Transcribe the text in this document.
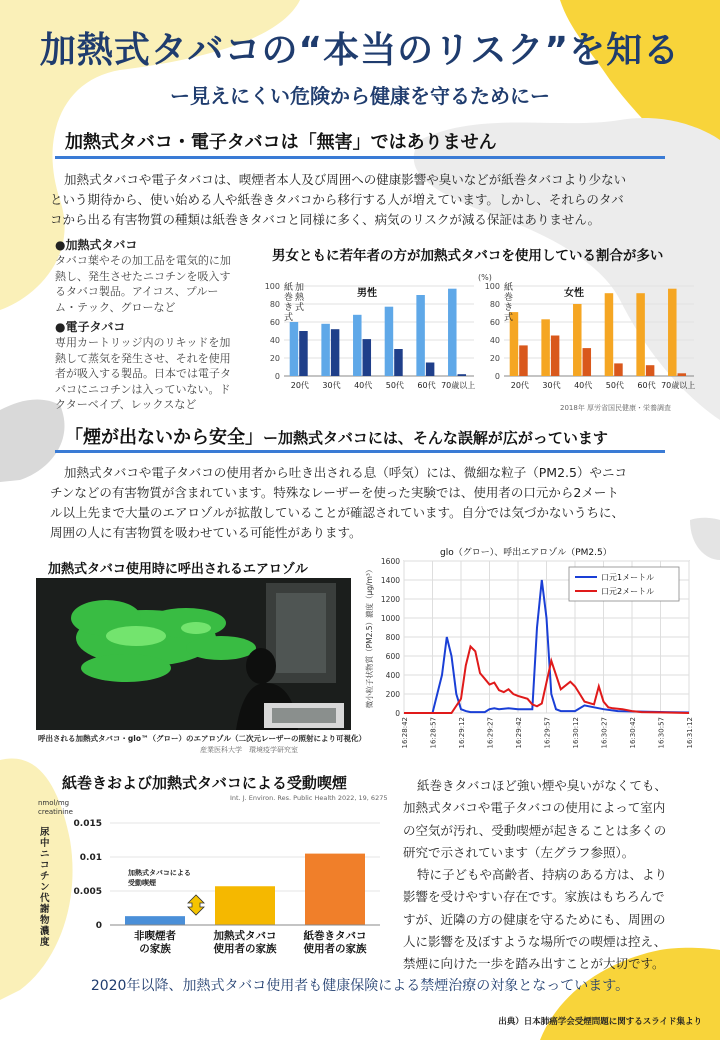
加熱式タバコの“本当のリスク”を知る
ー見えにくい危険から健康を守るためにー
加熱式タバコ・電子タバコは「無害」ではありません
加熱式タバコや電子タバコは、喫煙者本人及び周囲への健康影響や臭いなどが紙巻タバコより少ない
という期待から、使い始める人や紙巻きタバコから移行する人が増えています。しかし、それらのタバ
コから出る有害物質の種類は紙巻きタバコと同様に多く、病気のリスクが減る保証はありません。
●加熱式タバコ
タバコ葉やその加工品を電気的に加
熱し、発生させたニコチンを吸入す
るタバコ製品。アイコス、プルー
ム・テック、グローなど
●電子タバコ
専用カートリッジ内のリキッドを加
熱して蒸気を発生させ、それを使用
者が吸入する製品。日本では電子タ
バコにニコチンは入っていない。ド
クターベイプ、レックスなど
男女ともに若年者の方が加熱式タバコを使用している割合が多い
0
20
40
60
80
100
20代 30代 40代 50代 60代 70歳以上
男性
紙
巻
き
式
加
熱
式
0
20
40
60
80
100
20代 30代 40代 50代 60代 70歳以上
女性
(%)
紙
巻
き
式
2018年 厚労省国民健康・栄養調査
「煙が出ないから安全」ー加熱式タバコには、そんな誤解が広がっています
加熱式タバコや電子タバコの使用者から吐き出される息（呼気）には、微細な粒子（PM2.5）やニコ
チンなどの有害物質が含まれています。特殊なレーザーを使った実験では、使用者の口元から2メート
ル以上先まで大量のエアロゾルが拡散していることが確認されています。自分では気づかないうちに、
周囲の人に有害物質を吸わせている可能性があります。
加熱式タバコ使用時に呼出されるエアロゾル
呼出される加熱式タバコ・glo™（グロー）のエアロゾル（二次元レーザーの照射により可視化）
産業医科大学　環境疫学研究室
glo（グロー）、呼出エアロゾル（PM2.5）
0
200
400
600
800
1000
1200
1400
1600
16:28:42	16:28:57	16:29:12	16:29:27	16:29:42	16:29:57	16:30:12	16:30:27	16:30:42	16:30:57	16:31:12
微小粒子状物質（PM2.5）濃度（μg/m³）	口元1メートル
口元2メートル
紙巻きおよび加熱式タバコによる受動喫煙
Int. J. Environ. Res. Public Health 2022, 19, 6275
0
0.005
0.01
0.015
nmol/mg
creatinine
尿
中
ニ
コ
チ
ン
代
謝
物
濃
度
非喫煙者
の家族
加熱式タバコ
使用者の家族
紙巻きタバコ
使用者の家族
加熱式タバコによる
受動喫煙
紙巻きタバコほど強い煙や臭いがなくても、
加熱式タバコや電子タバコの使用によって室内
の空気が汚れ、受動喫煙が起きることは多くの
研究で示されています（左グラフ参照）。
特に子どもや高齢者、持病のある方は、より
影響を受けやすい存在です。家族はもちろんで
すが、近隣の方の健康を守るためにも、周囲の
人に影響を及ぼすような場所での喫煙は控え、
禁煙に向けた一歩を踏み出すことが大切です。
2020年以降、加熱式タバコ使用者も健康保険による禁煙治療の対象となっています。
出典）日本肺癌学会受煙問題に関するスライド集より
